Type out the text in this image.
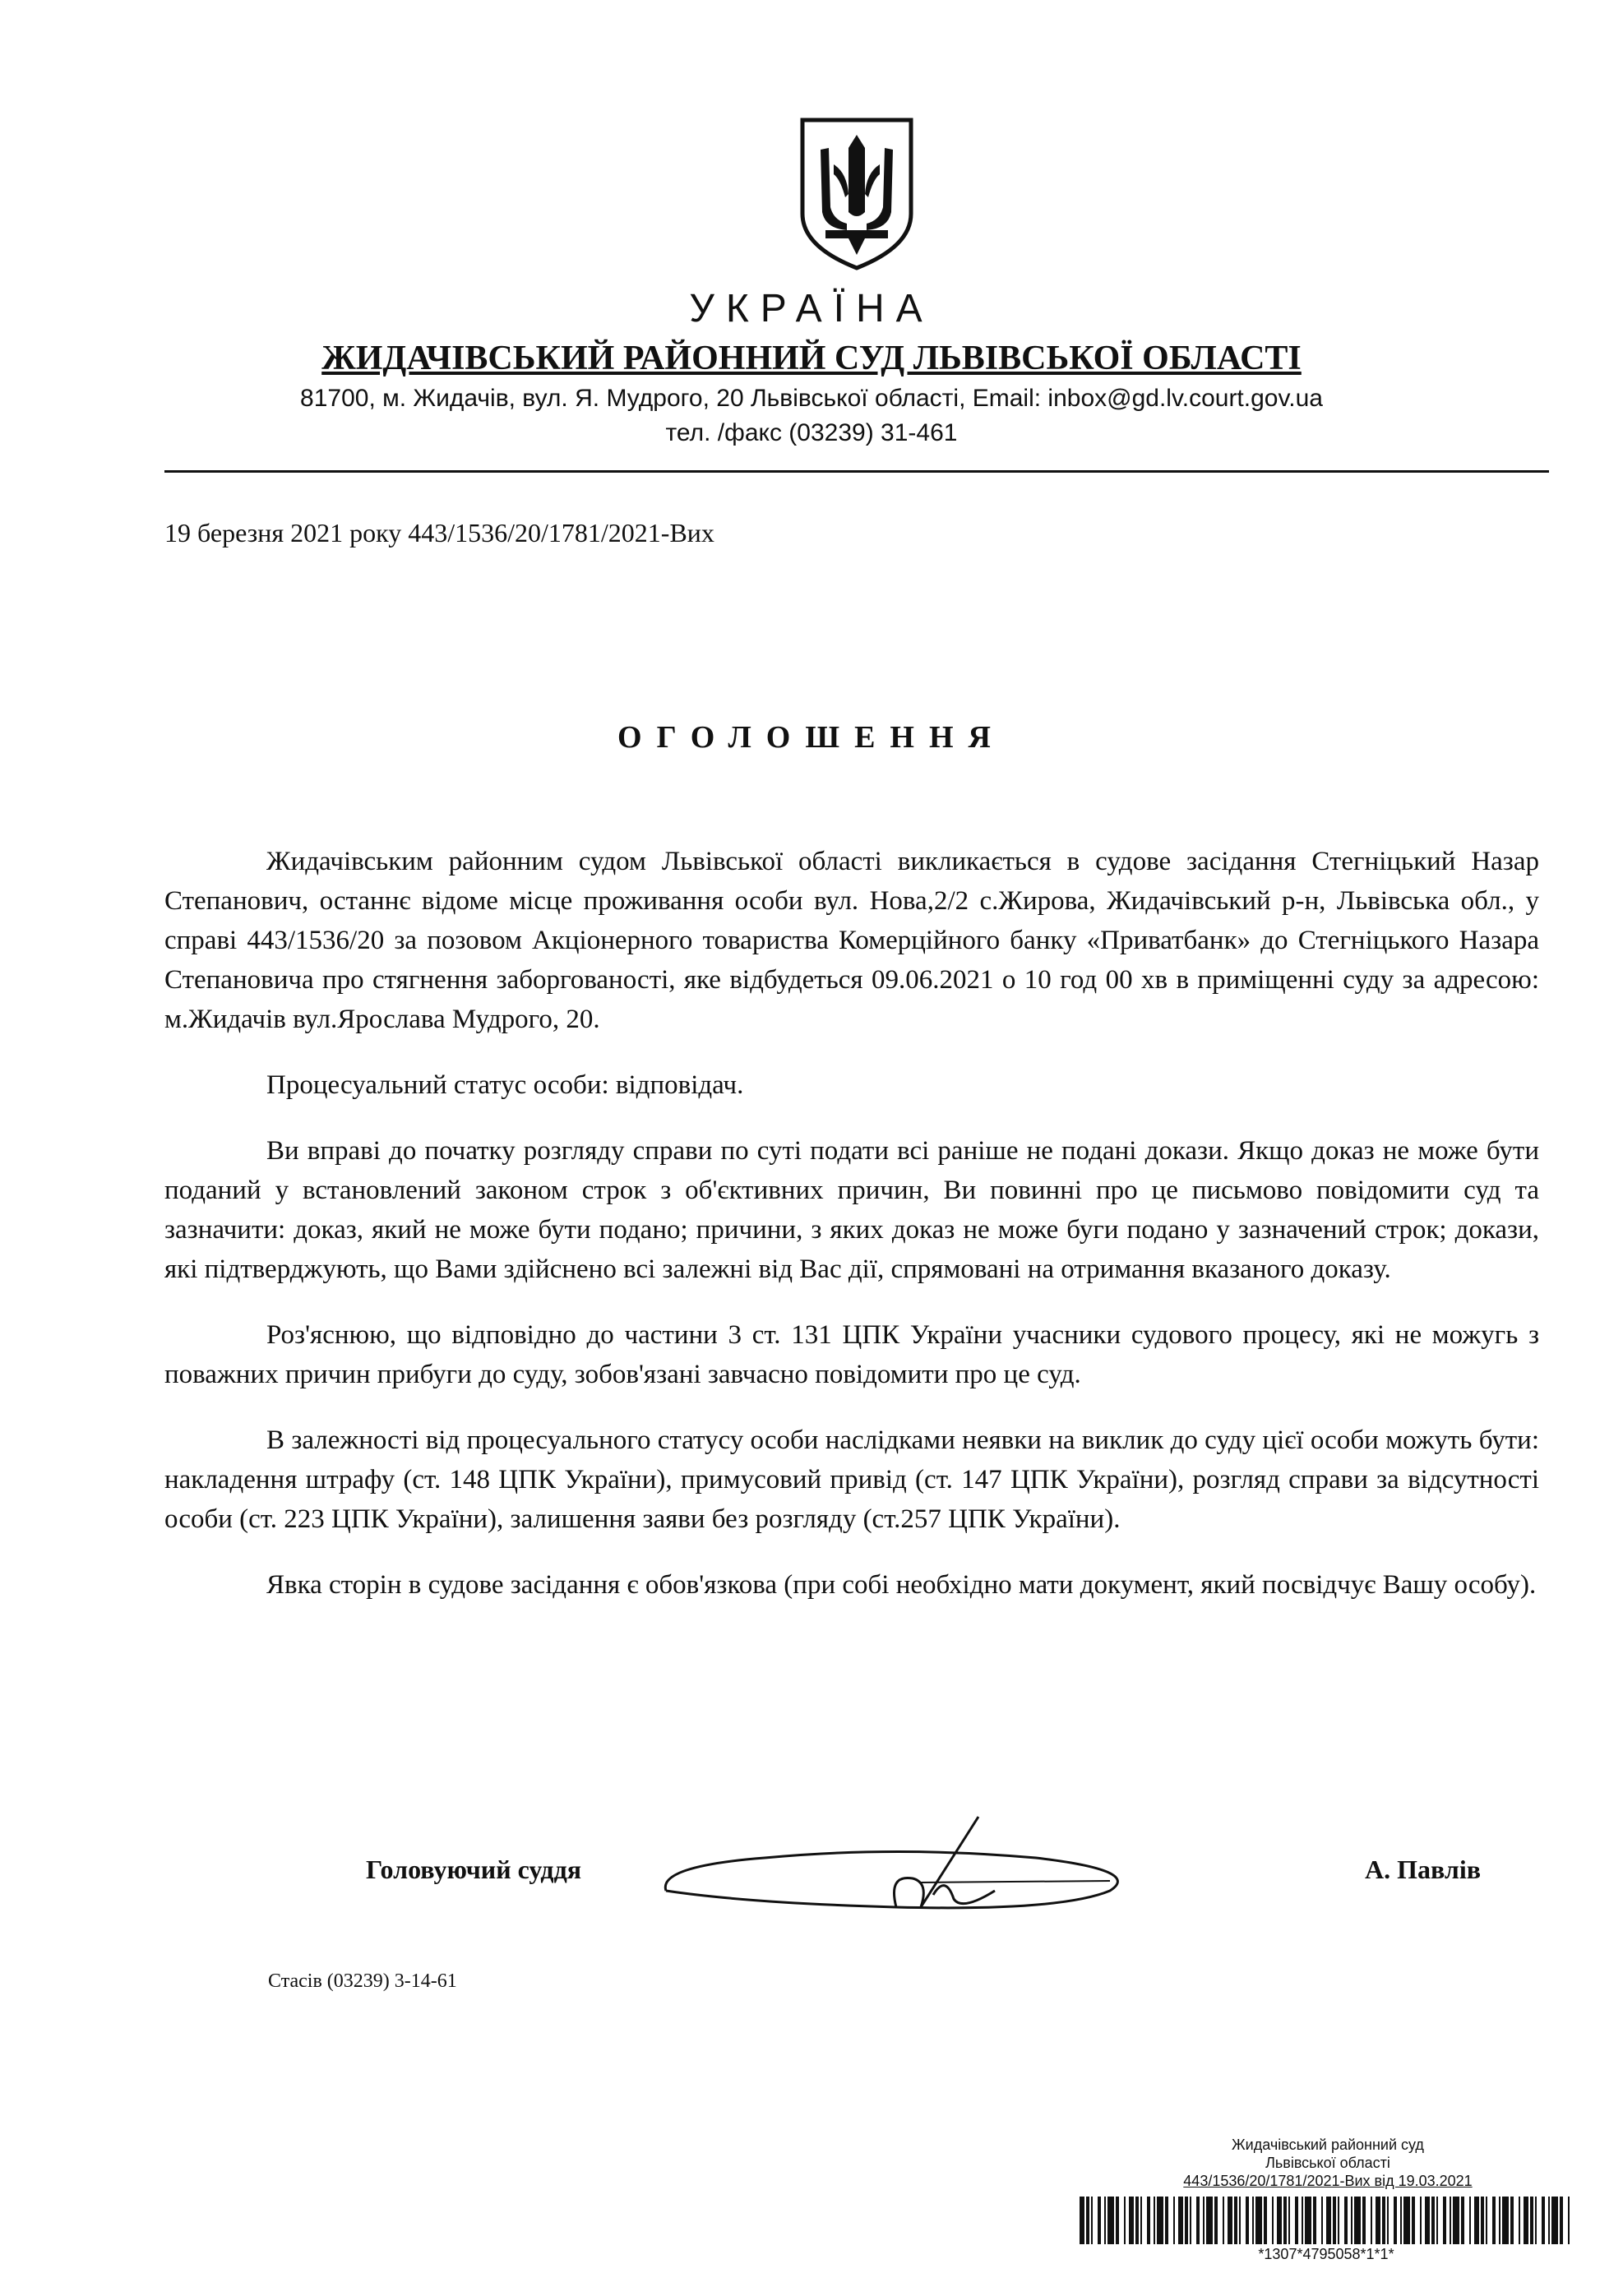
УКРАЇНА
ЖИДАЧІВСЬКИЙ РАЙОННИЙ СУД ЛЬВІВСЬКОЇ ОБЛАСТІ
81700, м. Жидачів, вул. Я. Мудрого, 20 Львівської області, Email: inbox@gd.lv.court.gov.ua
тел. /факс (03239) 31-461
19 березня 2021 року 443/1536/20/1781/2021-Вих
ОГОЛОШЕННЯ

Жидачівським районним судом Львівської області викликається в судове засідання Стегніцький Назар Степанович, останнє відоме місце проживання особи вул. Нова,2/2 с.Жирова, Жидачівський р-н, Львівська обл., у справі 443/1536/20 за позовом Акціонерного товариства Комерційного банку «Приватбанк» до Стегніцького Назара Степановича про стягнення заборгованості, яке відбудеться 09.06.2021 о 10 год 00 хв в приміщенні суду за адресою: м.Жидачів вул.Ярослава Мудрого, 20.

Процесуальний статус особи: відповідач.

Ви вправі до початку розгляду справи по суті подати всі раніше не подані докази. Якщо доказ не може бути поданий у встановлений законом строк з об'єктивних причин, Ви повинні про це письмово повідомити суд та зазначити: доказ, який не може бути подано; причини, з яких доказ не може буги подано у зазначений строк; докази, які підтверджують, що Вами здійснено всі залежні від Вас дії, спрямовані на отримання вказаного доказу.

Роз'яснюю, що відповідно до частини 3 ст. 131 ЦПК України учасники судового процесу, які не можугь з поважних причин прибуги до суду, зобов'язані завчасно повідомити про це суд.

В залежності від процесуального статусу особи наслідками неявки на виклик до суду цієї особи можуть бути: накладення штрафу (ст. 148 ЦПК України), примусовий привід (ст. 147 ЦПК України), розгляд справи за відсутності особи (ст. 223 ЦПК України), залишення заяви без розгляду (ст.257 ЦПК України).

Явка сторін в судове засідання є обов'язкова (при собі необхідно мати документ, який посвідчує Вашу особу).

Головуючий суддя	А. Павлів
Стасів (03239) 3-14-61
Жидачівський районний суд
Львівської області
443/1536/20/1781/2021-Вих від 19.03.2021
*1307*4795058*1*1*
